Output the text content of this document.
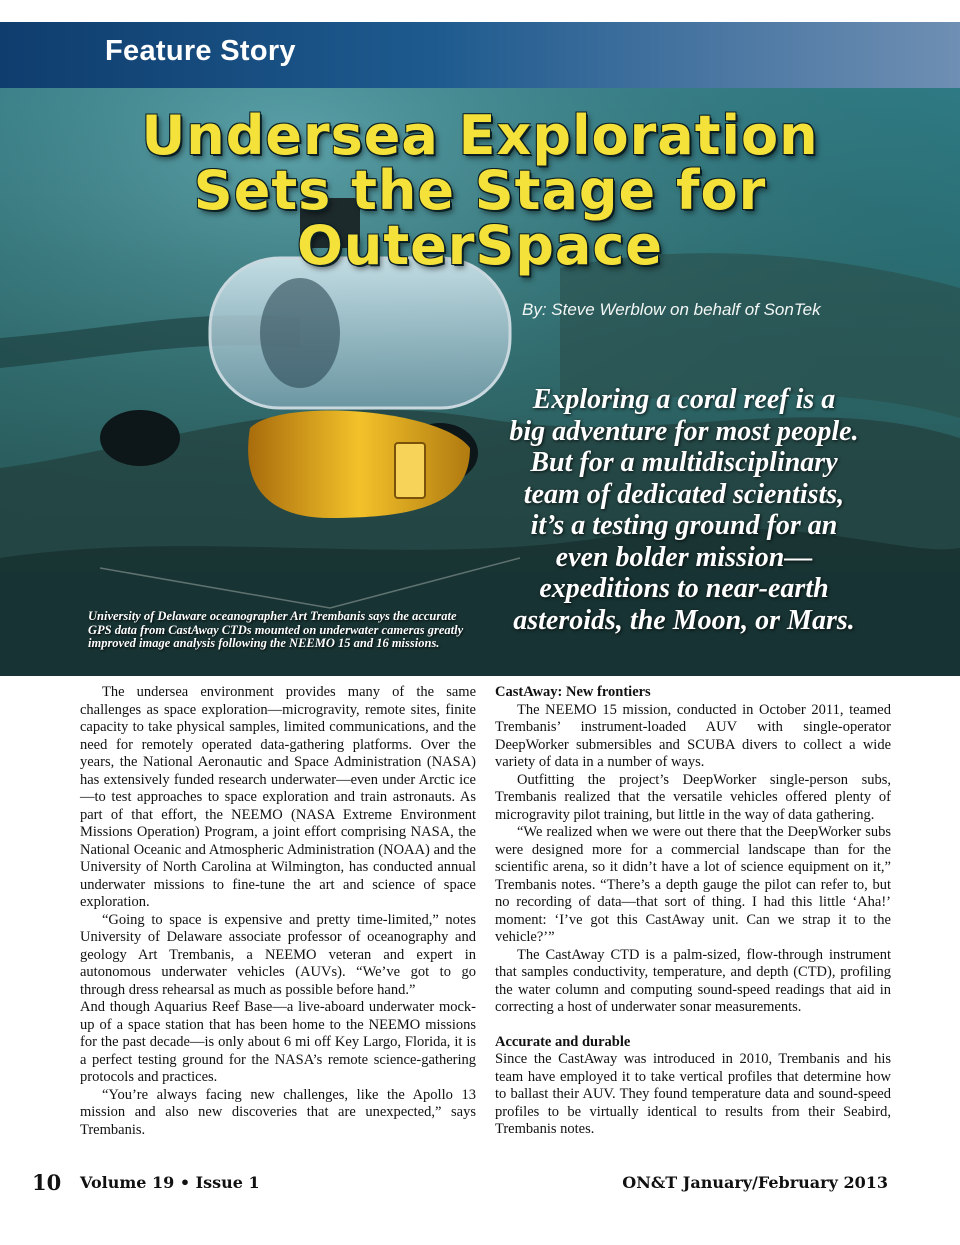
Feature Story
Undersea Exploration
Sets the Stage for
OuterSpace
By: Steve Werblow on behalf of SonTek
Exploring a coral reef is a
big adventure for most people.
But for a multidisciplinary
team of dedicated scientists,
it’s a testing ground for an
even bolder mission—
expeditions to near-earth
asteroids, the Moon, or Mars.
University of Delaware oceanographer Art Trembanis says the accurate GPS data from CastAway CTDs mounted on underwater cameras greatly improved image analysis following the NEEMO 15 and 16 missions.

The undersea environment provides many of the same challenges as space exploration—microgravity, remote sites, finite capacity to take physical samples, limited communications, and the need for remotely operated data-gathering platforms. Over the years, the National Aeronautic and Space Administration (NASA) has extensively funded research underwater—even under Arctic ice—to test approaches to space exploration and train astronauts. As part of that effort, the NEEMO (NASA Extreme Environment Missions Operation) Program, a joint effort comprising NASA, the National Oceanic and Atmospheric Administration (NOAA) and the University of North Carolina at Wilmington, has conducted annual underwater missions to fine-tune the art and science of space exploration.

“Going to space is expensive and pretty time-limited,” notes University of Delaware associate professor of oceanography and geology Art Trembanis, a NEEMO veteran and expert in autonomous underwater vehicles (AUVs). “We’ve got to go through dress rehearsal as much as possible before hand.”

And though Aquarius Reef Base—a live-aboard underwater mock-up of a space station that has been home to the NEEMO missions for the past decade—is only about 6 mi off Key Largo, Florida, it is a perfect testing ground for the NASA’s remote science-gathering protocols and practices.

“You’re always facing new challenges, like the Apollo 13 mission and also new discoveries that are unexpected,” says Trembanis.

CastAway: New frontiers

The NEEMO 15 mission, conducted in October 2011, teamed Trembanis’ instrument-loaded AUV with single-operator DeepWorker submersibles and SCUBA divers to collect a wide variety of data in a number of ways.

Outfitting the project’s DeepWorker single-person subs, Trembanis realized that the versatile vehicles offered plenty of microgravity pilot training, but little in the way of data gathering.

“We realized when we were out there that the DeepWorker subs were designed more for a commercial landscape than for the scientific arena, so it didn’t have a lot of science equipment on it,” Trembanis notes. “There’s a depth gauge the pilot can refer to, but no recording of data—that sort of thing. I had this little ‘Aha!’ moment: ‘I’ve got this CastAway unit. Can we strap it to the vehicle?’”

The CastAway CTD is a palm-sized, flow-through instrument that samples conductivity, temperature, and depth (CTD), profiling the water column and computing sound-speed readings that aid in correcting a host of underwater sonar measurements.

Accurate and durable

Since the CastAway was introduced in 2010, Trembanis and his team have employed it to take vertical profiles that determine how to ballast their AUV. They found temperature data and sound-speed profiles to be virtually identical to results from their Seabird, Trembanis notes.

10 Volume 19 • Issue 1	ON&T January/February 2013
